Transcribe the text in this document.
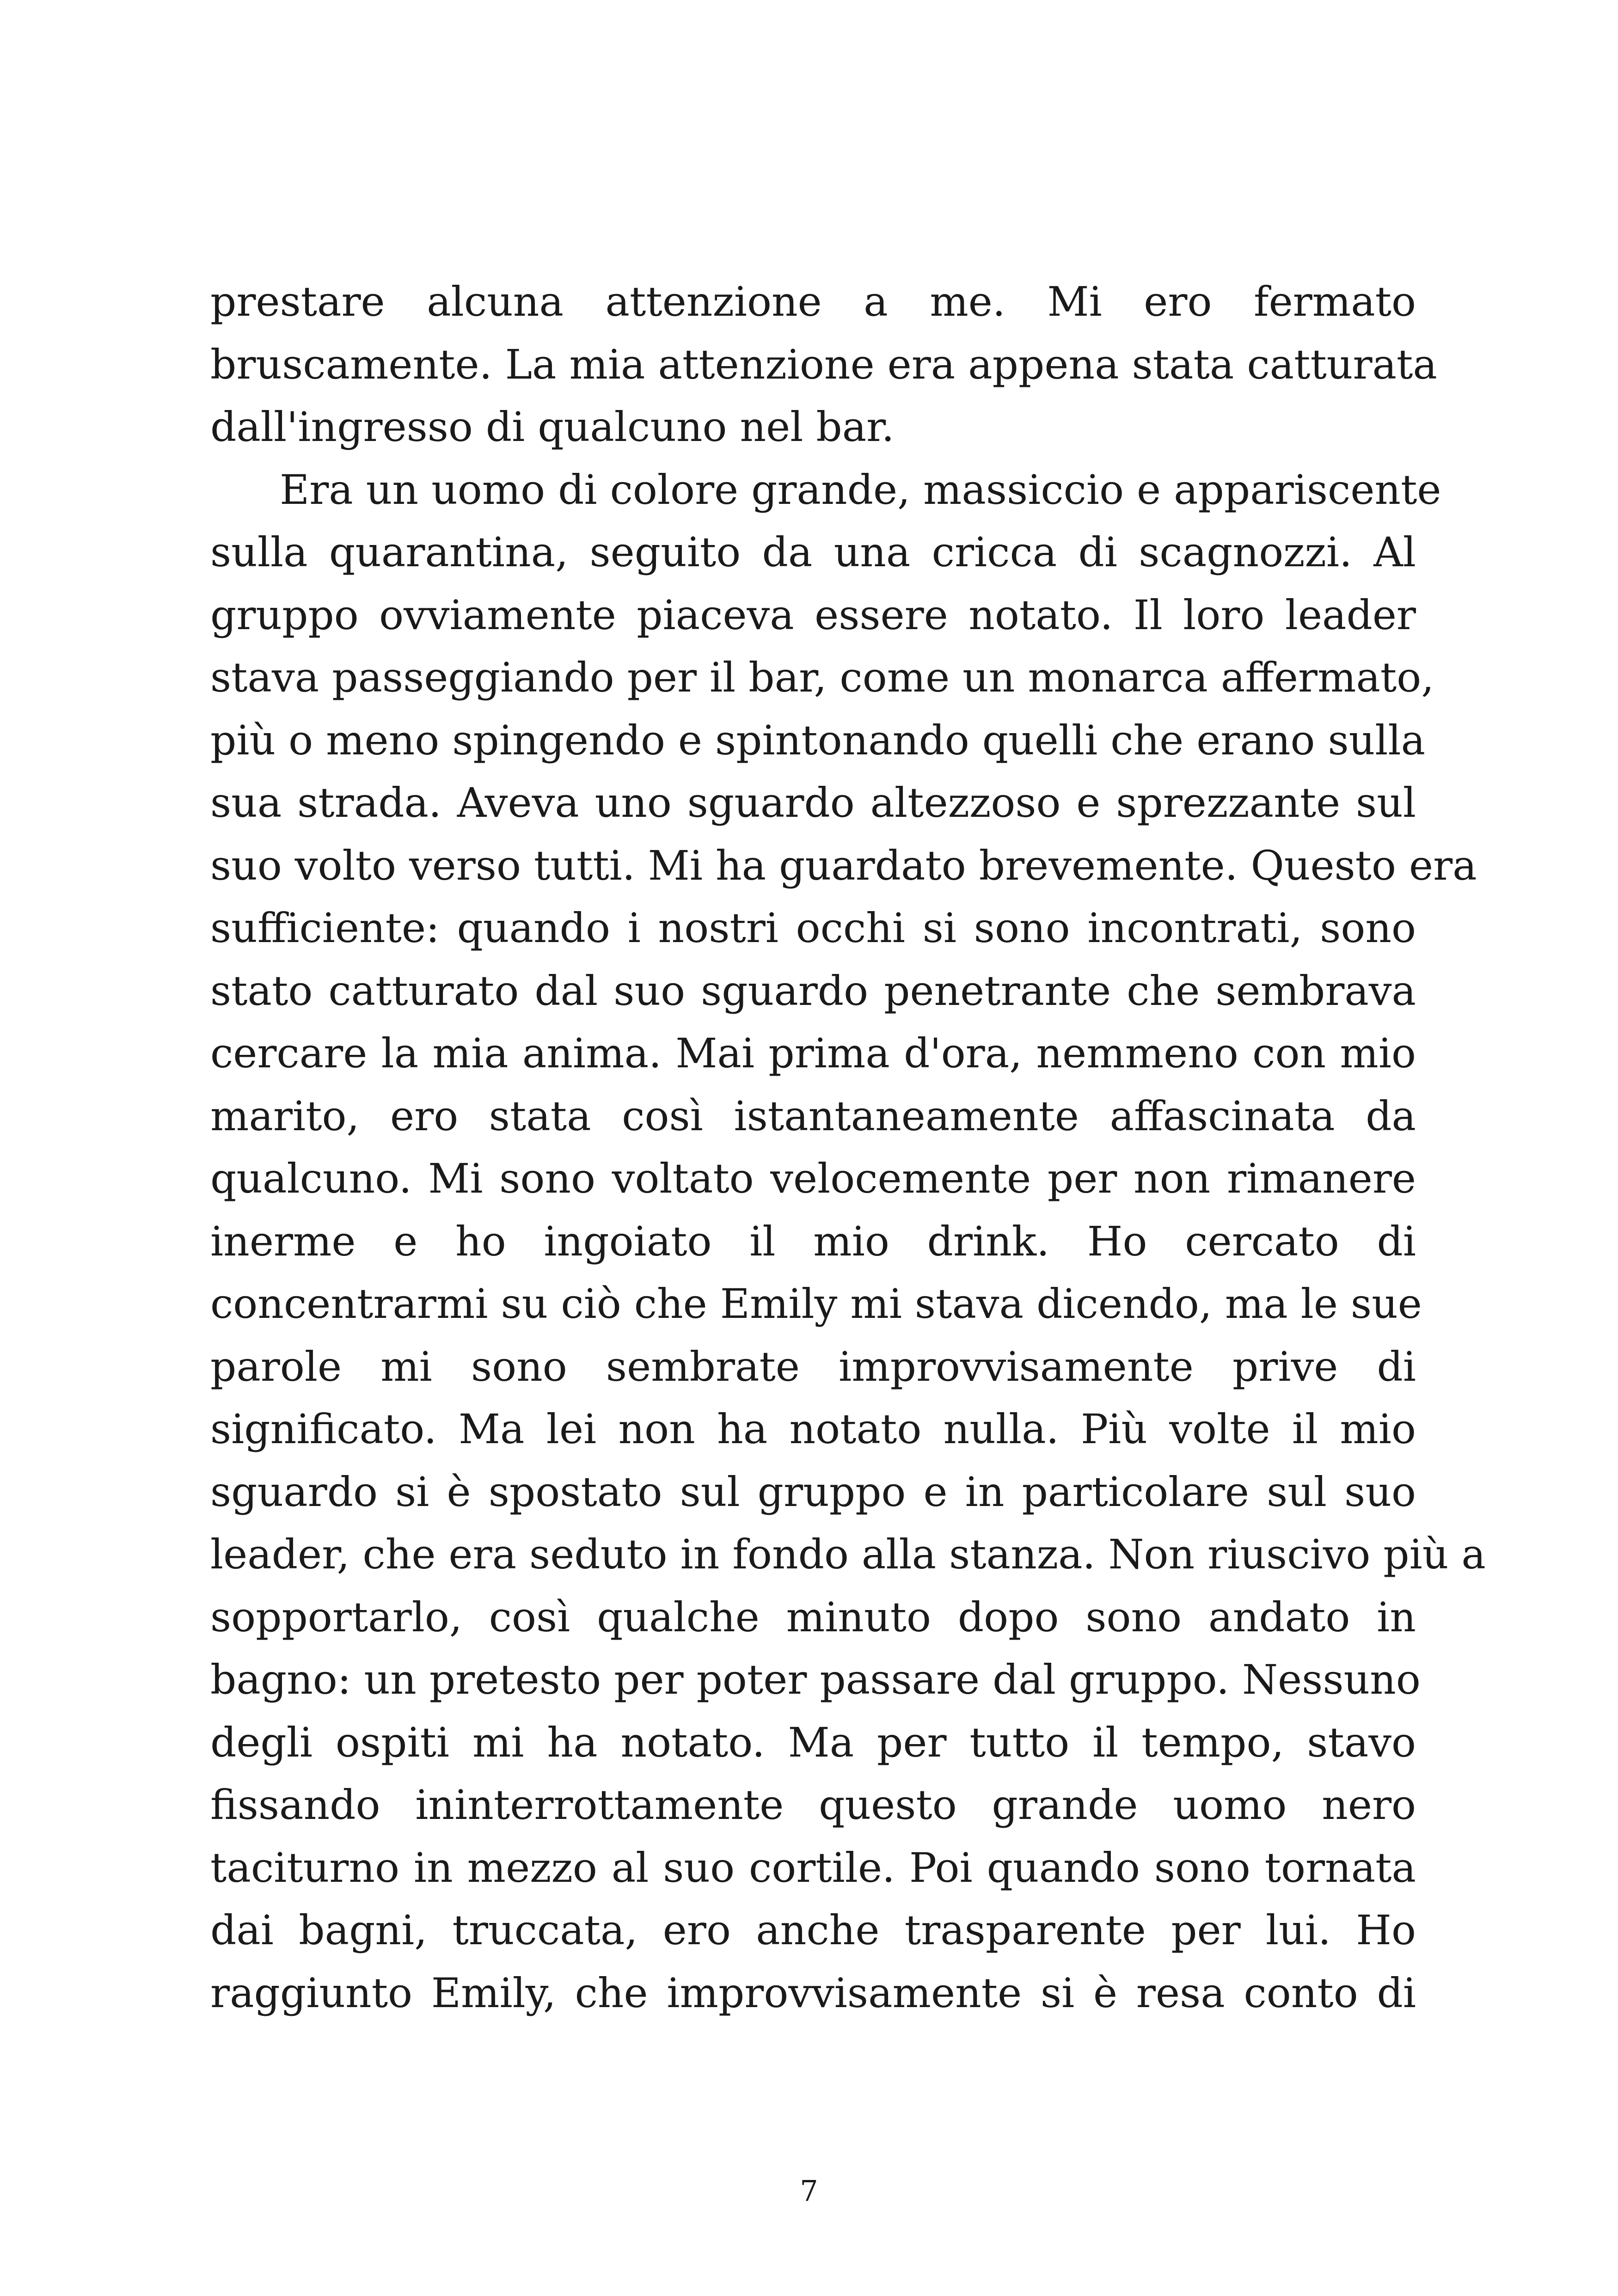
prestare alcuna attenzione a me. Mi ero fermato
bruscamente. La mia attenzione era appena stata catturata
dall'ingresso di qualcuno nel bar.
Era un uomo di colore grande, massiccio e appariscente
sulla quarantina, seguito da una cricca di scagnozzi. Al
gruppo ovviamente piaceva essere notato. Il loro leader
stava passeggiando per il bar, come un monarca affermato,
più o meno spingendo e spintonando quelli che erano sulla
sua strada. Aveva uno sguardo altezzoso e sprezzante sul
suo volto verso tutti. Mi ha guardato brevemente. Questo era
sufficiente: quando i nostri occhi si sono incontrati, sono
stato catturato dal suo sguardo penetrante che sembrava
cercare la mia anima. Mai prima d'ora, nemmeno con mio
marito, ero stata così istantaneamente affascinata da
qualcuno. Mi sono voltato velocemente per non rimanere
inerme e ho ingoiato il mio drink. Ho cercato di
concentrarmi su ciò che Emily mi stava dicendo, ma le sue
parole mi sono sembrate improvvisamente prive di
significato. Ma lei non ha notato nulla. Più volte il mio
sguardo si è spostato sul gruppo e in particolare sul suo
leader, che era seduto in fondo alla stanza. Non riuscivo più a
sopportarlo, così qualche minuto dopo sono andato in
bagno: un pretesto per poter passare dal gruppo. Nessuno
degli ospiti mi ha notato. Ma per tutto il tempo, stavo
fissando ininterrottamente questo grande uomo nero
taciturno in mezzo al suo cortile. Poi quando sono tornata
dai bagni, truccata, ero anche trasparente per lui. Ho
raggiunto Emily, che improvvisamente si è resa conto di
7
